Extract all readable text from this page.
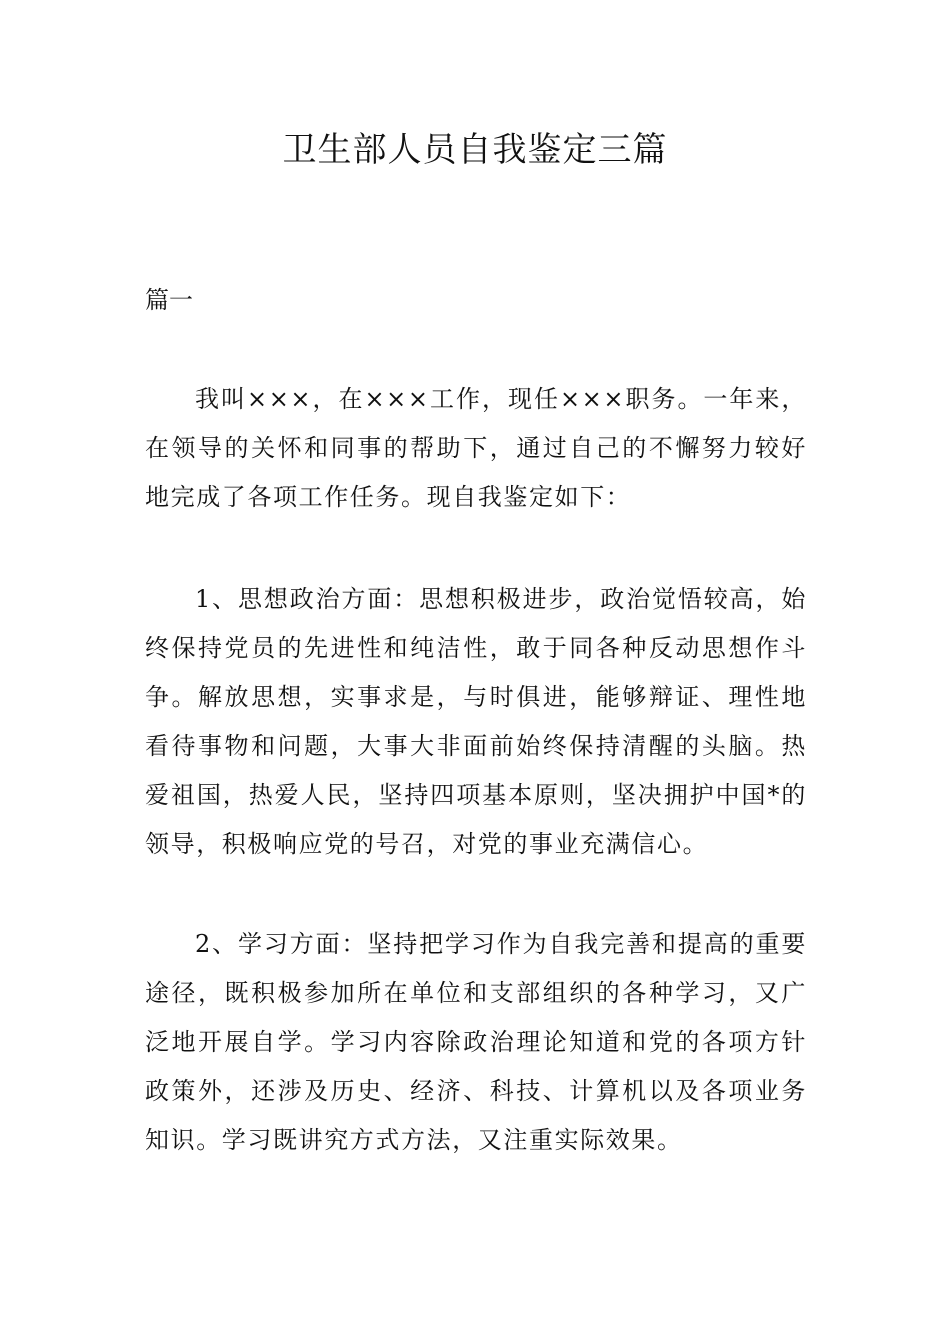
卫生部人员自我鉴定三篇

篇一

我叫×××，在×××工作，现任×××职务。一年来，在领导的关怀和同事的帮助下，通过自己的不懈努力较好地完成了各项工作任务。现自我鉴定如下：

1、思想政治方面：思想积极进步，政治觉悟较高，始终保持党员的先进性和纯洁性，敢于同各种反动思想作斗争。解放思想，实事求是，与时俱进，能够辩证、理性地看待事物和问题，大事大非面前始终保持清醒的头脑。热爱祖国，热爱人民，坚持四项基本原则，坚决拥护中国*的领导，积极响应党的号召，对党的事业充满信心。

2、学习方面：坚持把学习作为自我完善和提高的重要途径，既积极参加所在单位和支部组织的各种学习，又广泛地开展自学。学习内容除政治理论知道和党的各项方针政策外，还涉及历史、经济、科技、计算机以及各项业务知识。学习既讲究方式方法，又注重实际效果。
